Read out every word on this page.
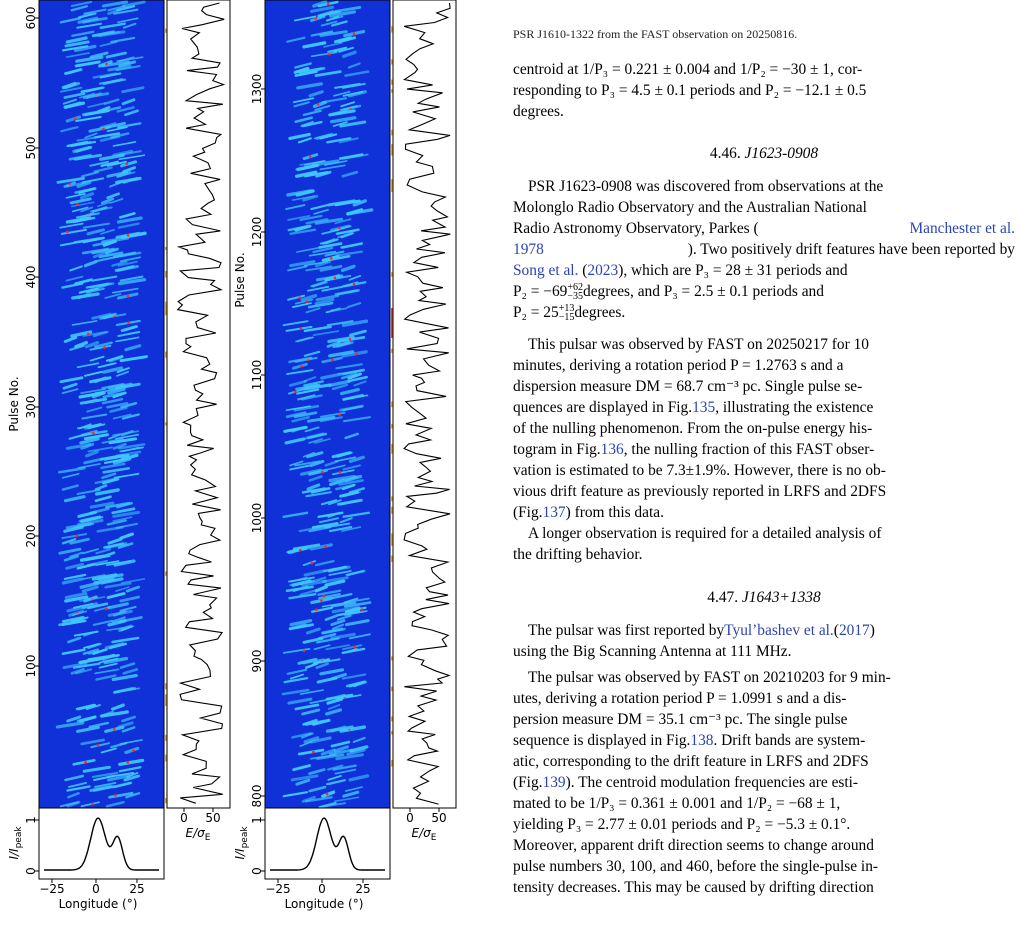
Pulse No.
600
500
400
300
200
100
$I/I_{peak}$
1
0
−25 0 25
Longitude (°)
0 50
$E/\sigma_E$
Pulse No.
1300
1200
1100
1000
900
800
$I/I_{peak}$
1
0
−25 0 25
Longitude (°)
0 50
$E/\sigma_E$
PSR J1610-1322 from the FAST observation on 20250816.
centroid at 1/P₃ = 0.221 ± 0.004 and 1/P₂ = −30 ± 1, cor-
responding to P₃ = 4.5 ± 0.1 periods and P₂ = −12.1 ± 0.5
degrees.
4.46. J1623-0908
PSR J1623-0908 was discovered from observations at the
Molonglo Radio Observatory and the Australian National
Radio Astronomy Observatory, Parkes (	Manchester et al.
1978	). Two positively drift features have been reported by
Song et al. (2023), which are P₃ = 28 ± 31 periods and
P₂ = −69 +62
−35 degrees, and P₃ = 2.5 ± 0.1 periods and
P₂ = 25 +13
−15 degrees.
This pulsar was observed by FAST on 20250217 for 10
minutes, deriving a rotation period P = 1.2763 s and a
dispersion measure DM = 68.7 cm⁻³ pc. Single pulse se-
quences are displayed in Fig.135, illustrating the existence
of the nulling phenomenon. From the on-pulse energy his-
togram in Fig.136, the nulling fraction of this FAST obser-
vation is estimated to be 7.3±1.9%. However, there is no ob-
vious drift feature as previously reported in LRFS and 2DFS
(Fig.137) from this data.
A longer observation is required for a detailed analysis of
the drifting behavior.
4.47. J1643+1338
The pulsar was first reported byTyul’bashev et al.(2017)
using the Big Scanning Antenna at 111 MHz.
The pulsar was observed by FAST on 20210203 for 9 min-
utes, deriving a rotation period P = 1.0991 s and a dis-
persion measure DM = 35.1 cm⁻³ pc. The single pulse
sequence is displayed in Fig.138. Drift bands are system-
atic, corresponding to the drift feature in LRFS and 2DFS
(Fig.139). The centroid modulation frequencies are esti-
mated to be 1/P₃ = 0.361 ± 0.001 and 1/P₂ = −68 ± 1,
yielding P₃ = 2.77 ± 0.01 periods and P₂ = −5.3 ± 0.1°.
Moreover, apparent drift direction seems to change around
pulse numbers 30, 100, and 460, before the single-pulse in-
tensity decreases. This may be caused by drifting direction
